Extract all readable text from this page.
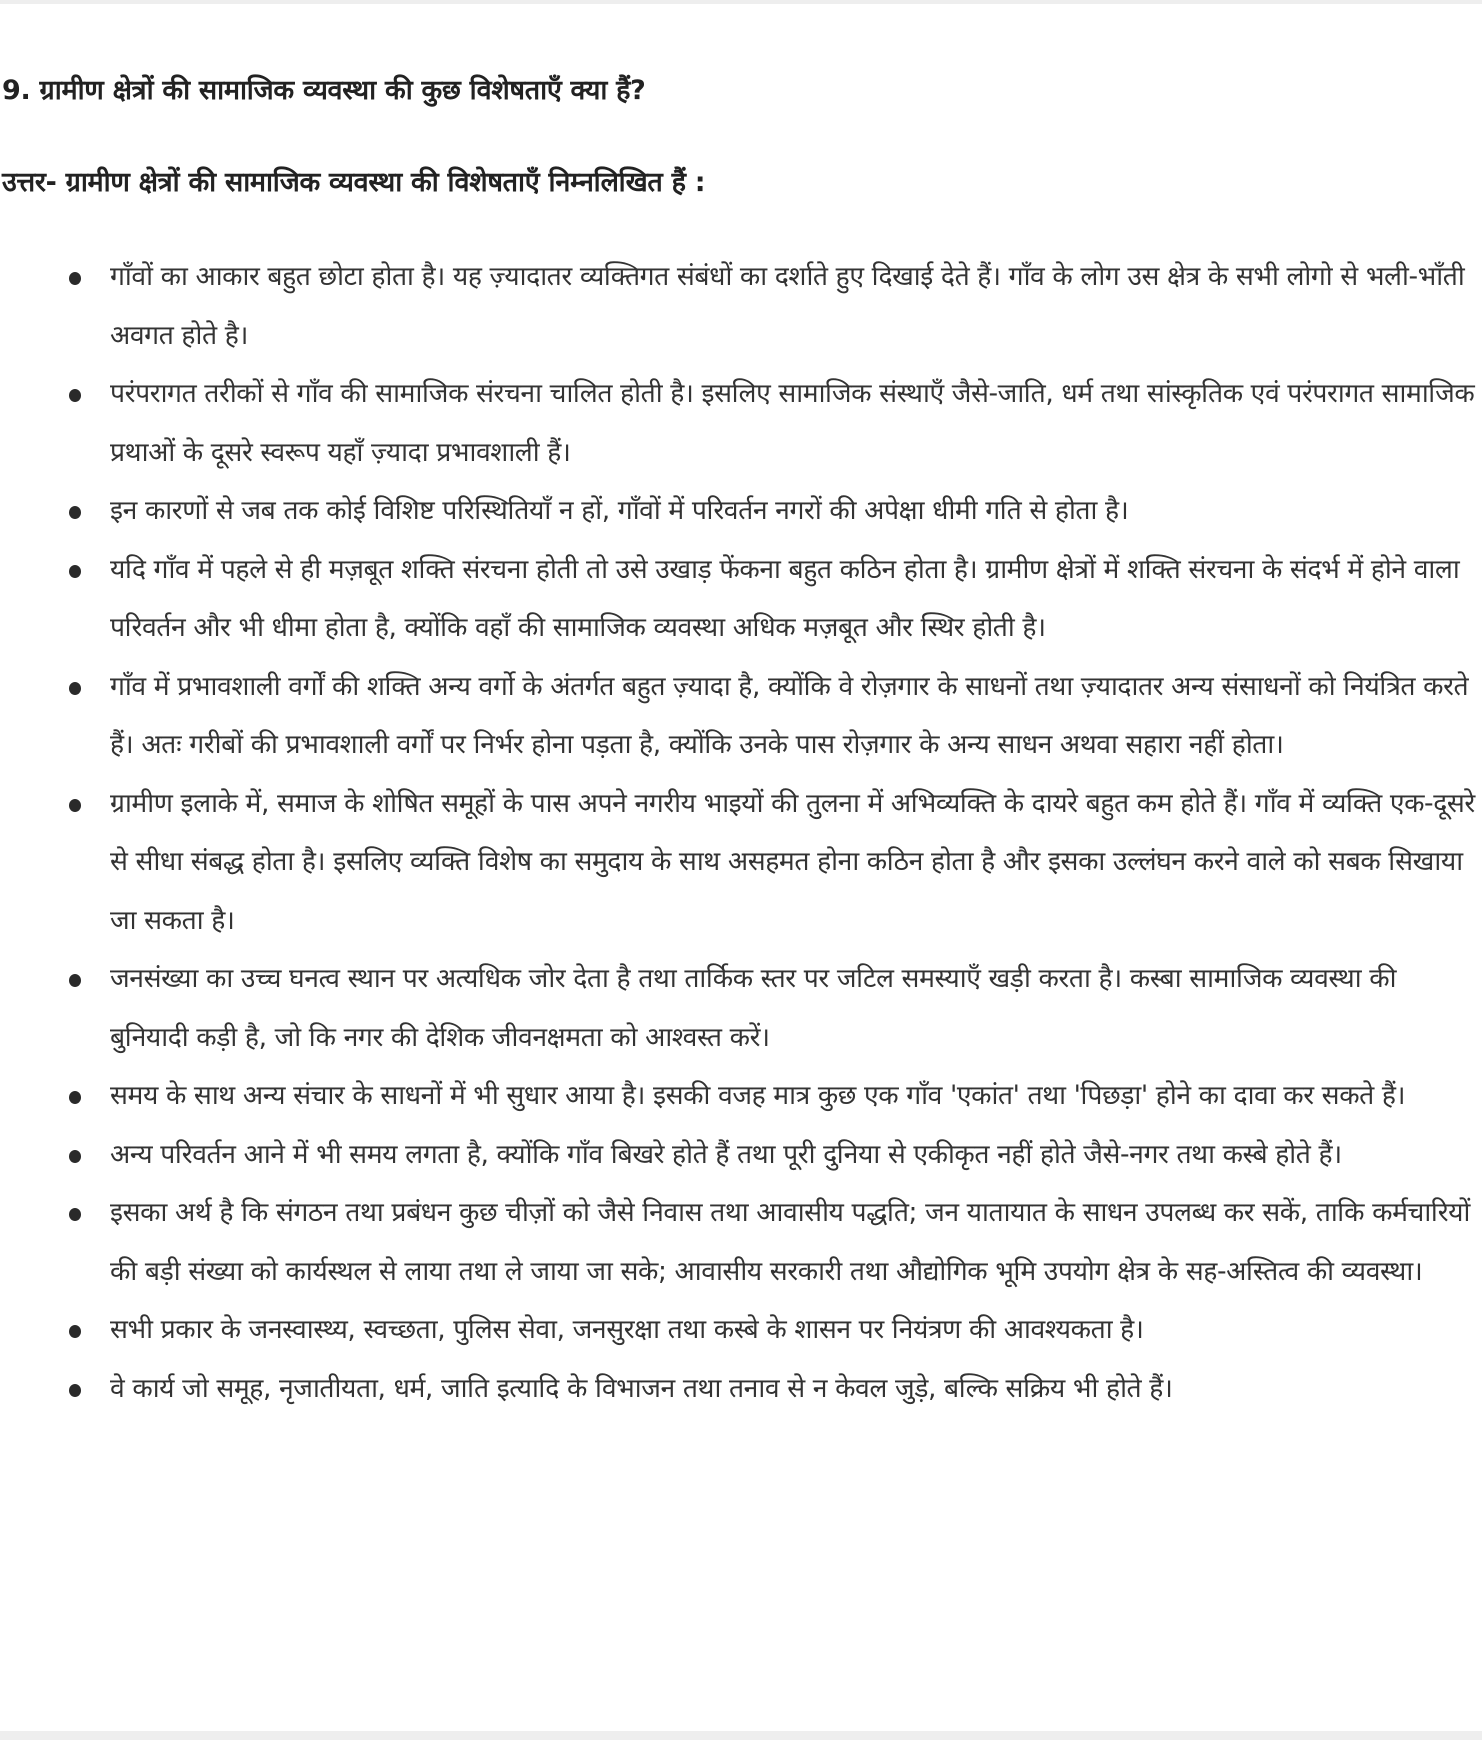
9. ग्रामीण क्षेत्रों की सामाजिक व्यवस्था की कुछ विशेषताएँ क्या हैं?
उत्तर- ग्रामीण क्षेत्रों की सामाजिक व्यवस्था की विशेषताएँ निम्नलिखित हैं :
गाँवों का आकार बहुत छोटा होता है। यह ज़्यादातर व्यक्तिगत संबंधों का दर्शाते हुए दिखाई देते हैं। गाँव के लोग उस क्षेत्र के सभी लोगो से भली-भाँती अवगत होते है।
परंपरागत तरीकों से गाँव की सामाजिक संरचना चालित होती है। इसलिए सामाजिक संस्थाएँ जैसे-जाति, धर्म तथा सांस्कृतिक एवं परंपरागत सामाजिक प्रथाओं के दूसरे स्वरूप यहाँ ज़्यादा प्रभावशाली हैं।
इन कारणों से जब तक कोई विशिष्ट परिस्थितियाँ न हों, गाँवों में परिवर्तन नगरों की अपेक्षा धीमी गति से होता है।
यदि गाँव में पहले से ही मज़बूत शक्ति संरचना होती तो उसे उखाड़ फेंकना बहुत कठिन होता है। ग्रामीण क्षेत्रों में शक्ति संरचना के संदर्भ में होने वाला परिवर्तन और भी धीमा होता है, क्योंकि वहाँ की सामाजिक व्यवस्था अधिक मज़बूत और स्थिर होती है।
गाँव में प्रभावशाली वर्गों की शक्ति अन्य वर्गो के अंतर्गत बहुत ज़्यादा है, क्योंकि वे रोज़गार के साधनों तथा ज़्यादातर अन्य संसाधनों को नियंत्रित करते हैं। अतः गरीबों की प्रभावशाली वर्गों पर निर्भर होना पड़ता है, क्योंकि उनके पास रोज़गार के अन्य साधन अथवा सहारा नहीं होता।
ग्रामीण इलाके में, समाज के शोषित समूहों के पास अपने नगरीय भाइयों की तुलना में अभिव्यक्ति के दायरे बहुत कम होते हैं। गाँव में व्यक्ति एक-दूसरे से सीधा संबद्ध होता है। इसलिए व्यक्ति विशेष का समुदाय के साथ असहमत होना कठिन होता है और इसका उल्लंघन करने वाले को सबक सिखाया जा सकता है।
जनसंख्या का उच्च घनत्व स्थान पर अत्यधिक जोर देता है तथा तार्किक स्तर पर जटिल समस्याएँ खड़ी करता है। कस्बा सामाजिक व्यवस्था की बुनियादी कड़ी है, जो कि नगर की देशिक जीवनक्षमता को आश्वस्त करें।
समय के साथ अन्य संचार के साधनों में भी सुधार आया है। इसकी वजह मात्र कुछ एक गाँव 'एकांत' तथा 'पिछड़ा' होने का दावा कर सकते हैं।
अन्य परिवर्तन आने में भी समय लगता है, क्योंकि गाँव बिखरे होते हैं तथा पूरी दुनिया से एकीकृत नहीं होते जैसे-नगर तथा कस्बे होते हैं।
इसका अर्थ है कि संगठन तथा प्रबंधन कुछ चीज़ों को जैसे निवास तथा आवासीय पद्धति; जन यातायात के साधन उपलब्ध कर सकें, ताकि कर्मचारियों की बड़ी संख्या को कार्यस्थल से लाया तथा ले जाया जा सके; आवासीय सरकारी तथा औद्योगिक भूमि उपयोग क्षेत्र के सह-अस्तित्व की व्यवस्था।
सभी प्रकार के जनस्वास्थ्य, स्वच्छता, पुलिस सेवा, जनसुरक्षा तथा कस्बे के शासन पर नियंत्रण की आवश्यकता है।
वे कार्य जो समूह, नृजातीयता, धर्म, जाति इत्यादि के विभाजन तथा तनाव से न केवल जुड़े, बल्कि सक्रिय भी होते हैं।
